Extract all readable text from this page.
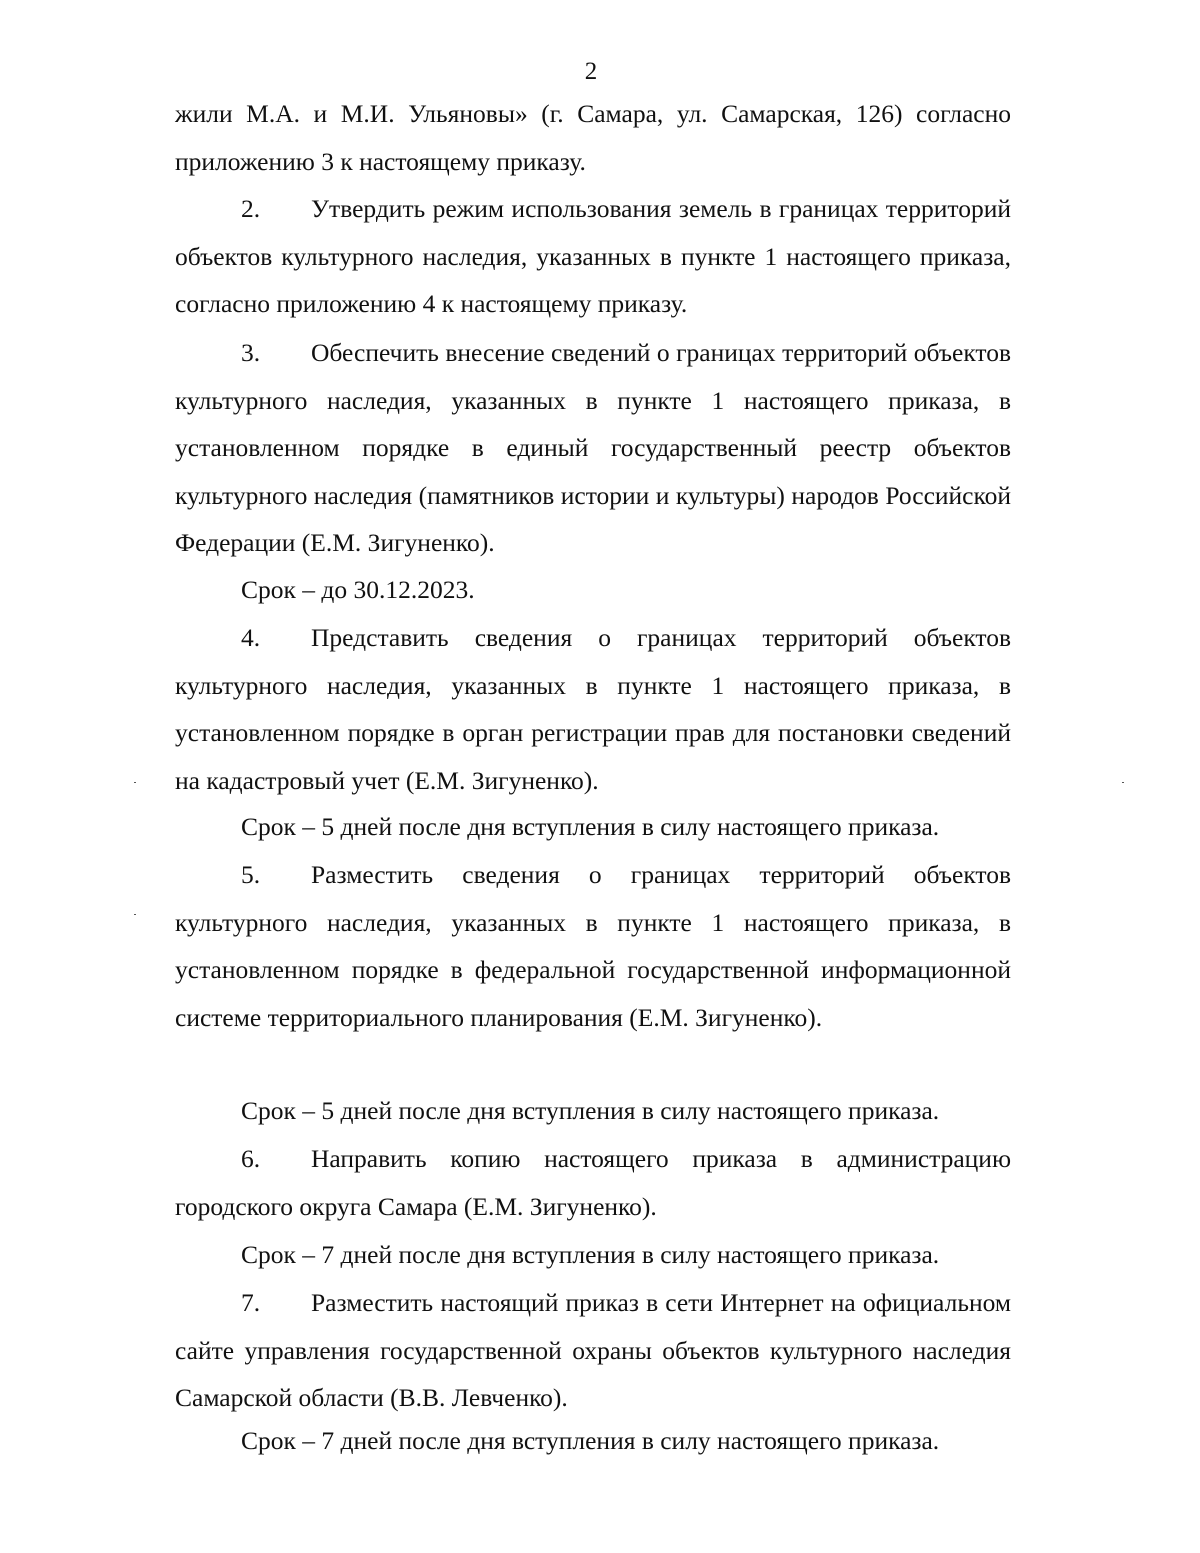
2

жили М.А. и М.И. Ульяновы» (г. Самара, ул. Самарская, 126) согласно приложению 3 к настоящему приказу.

2. Утвердить режим использования земель в границах территорий объектов культурного наследия, указанных в пункте 1 настоящего приказа, согласно приложению 4 к настоящему приказу.

3. Обеспечить внесение сведений о границах территорий объектов культурного наследия, указанных в пункте 1 настоящего приказа, в установленном порядке в единый государственный реестр объектов культурного наследия (памятников истории и культуры) народов Российской Федерации (Е.М. Зигуненко).

Срок – до 30.12.2023.

4. Представить сведения о границах территорий объектов культурного наследия, указанных в пункте 1 настоящего приказа, в установленном порядке в орган регистрации прав для постановки сведений на кадастровый учет (Е.М. Зигуненко).

Срок – 5 дней после дня вступления в силу настоящего приказа.

5. Разместить сведения о границах территорий объектов культурного наследия, указанных в пункте 1 настоящего приказа, в установленном порядке в федеральной государственной информационной системе территориального планирования (Е.М. Зигуненко).

Срок – 5 дней после дня вступления в силу настоящего приказа.

6. Направить копию настоящего приказа в администрацию городского округа Самара (Е.М. Зигуненко).

Срок – 7 дней после дня вступления в силу настоящего приказа.

7. Разместить настоящий приказ в сети Интернет на официальном сайте управления государственной охраны объектов культурного наследия Самарской области (В.В. Левченко).

Срок – 7 дней после дня вступления в силу настоящего приказа.
